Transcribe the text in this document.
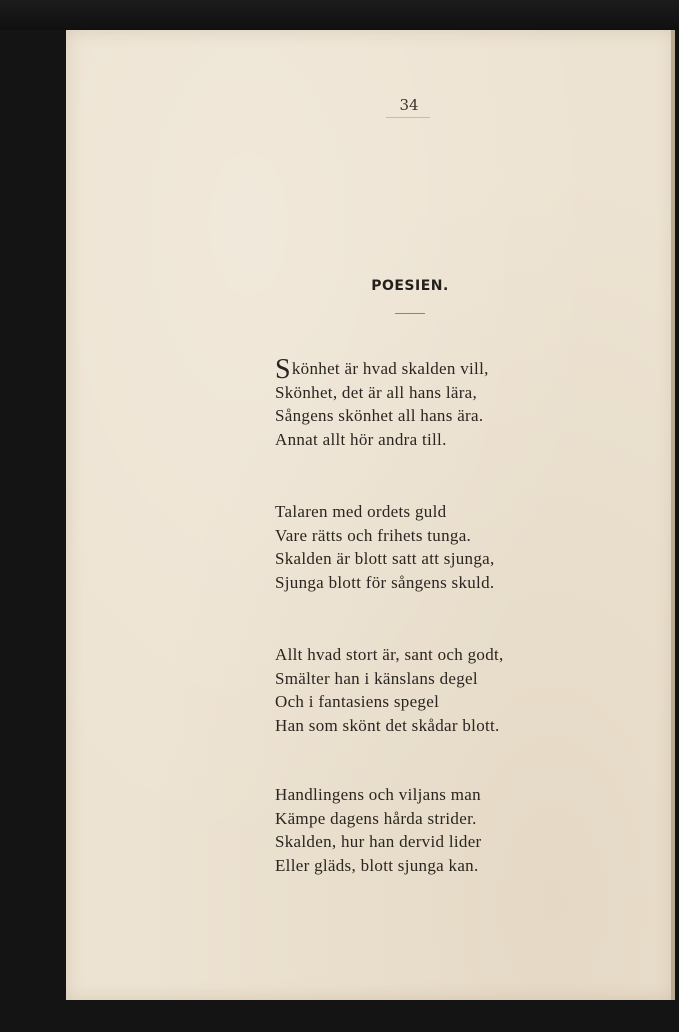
34
POESIEN.
Skönhet är hvad skalden vill,
Skönhet, det är all hans lära,
Sångens skönhet all hans ära.
Annat allt hör andra till.
Talaren med ordets guld
Vare rätts och frihets tunga.
Skalden är blott satt att sjunga,
Sjunga blott för sångens skuld.
Allt hvad stort är, sant och godt,
Smälter han i känslans degel
Och i fantasiens spegel
Han som skönt det skådar blott.
Handlingens och viljans man
Kämpe dagens hårda strider.
Skalden, hur han dervid lider
Eller gläds, blott sjunga kan.
